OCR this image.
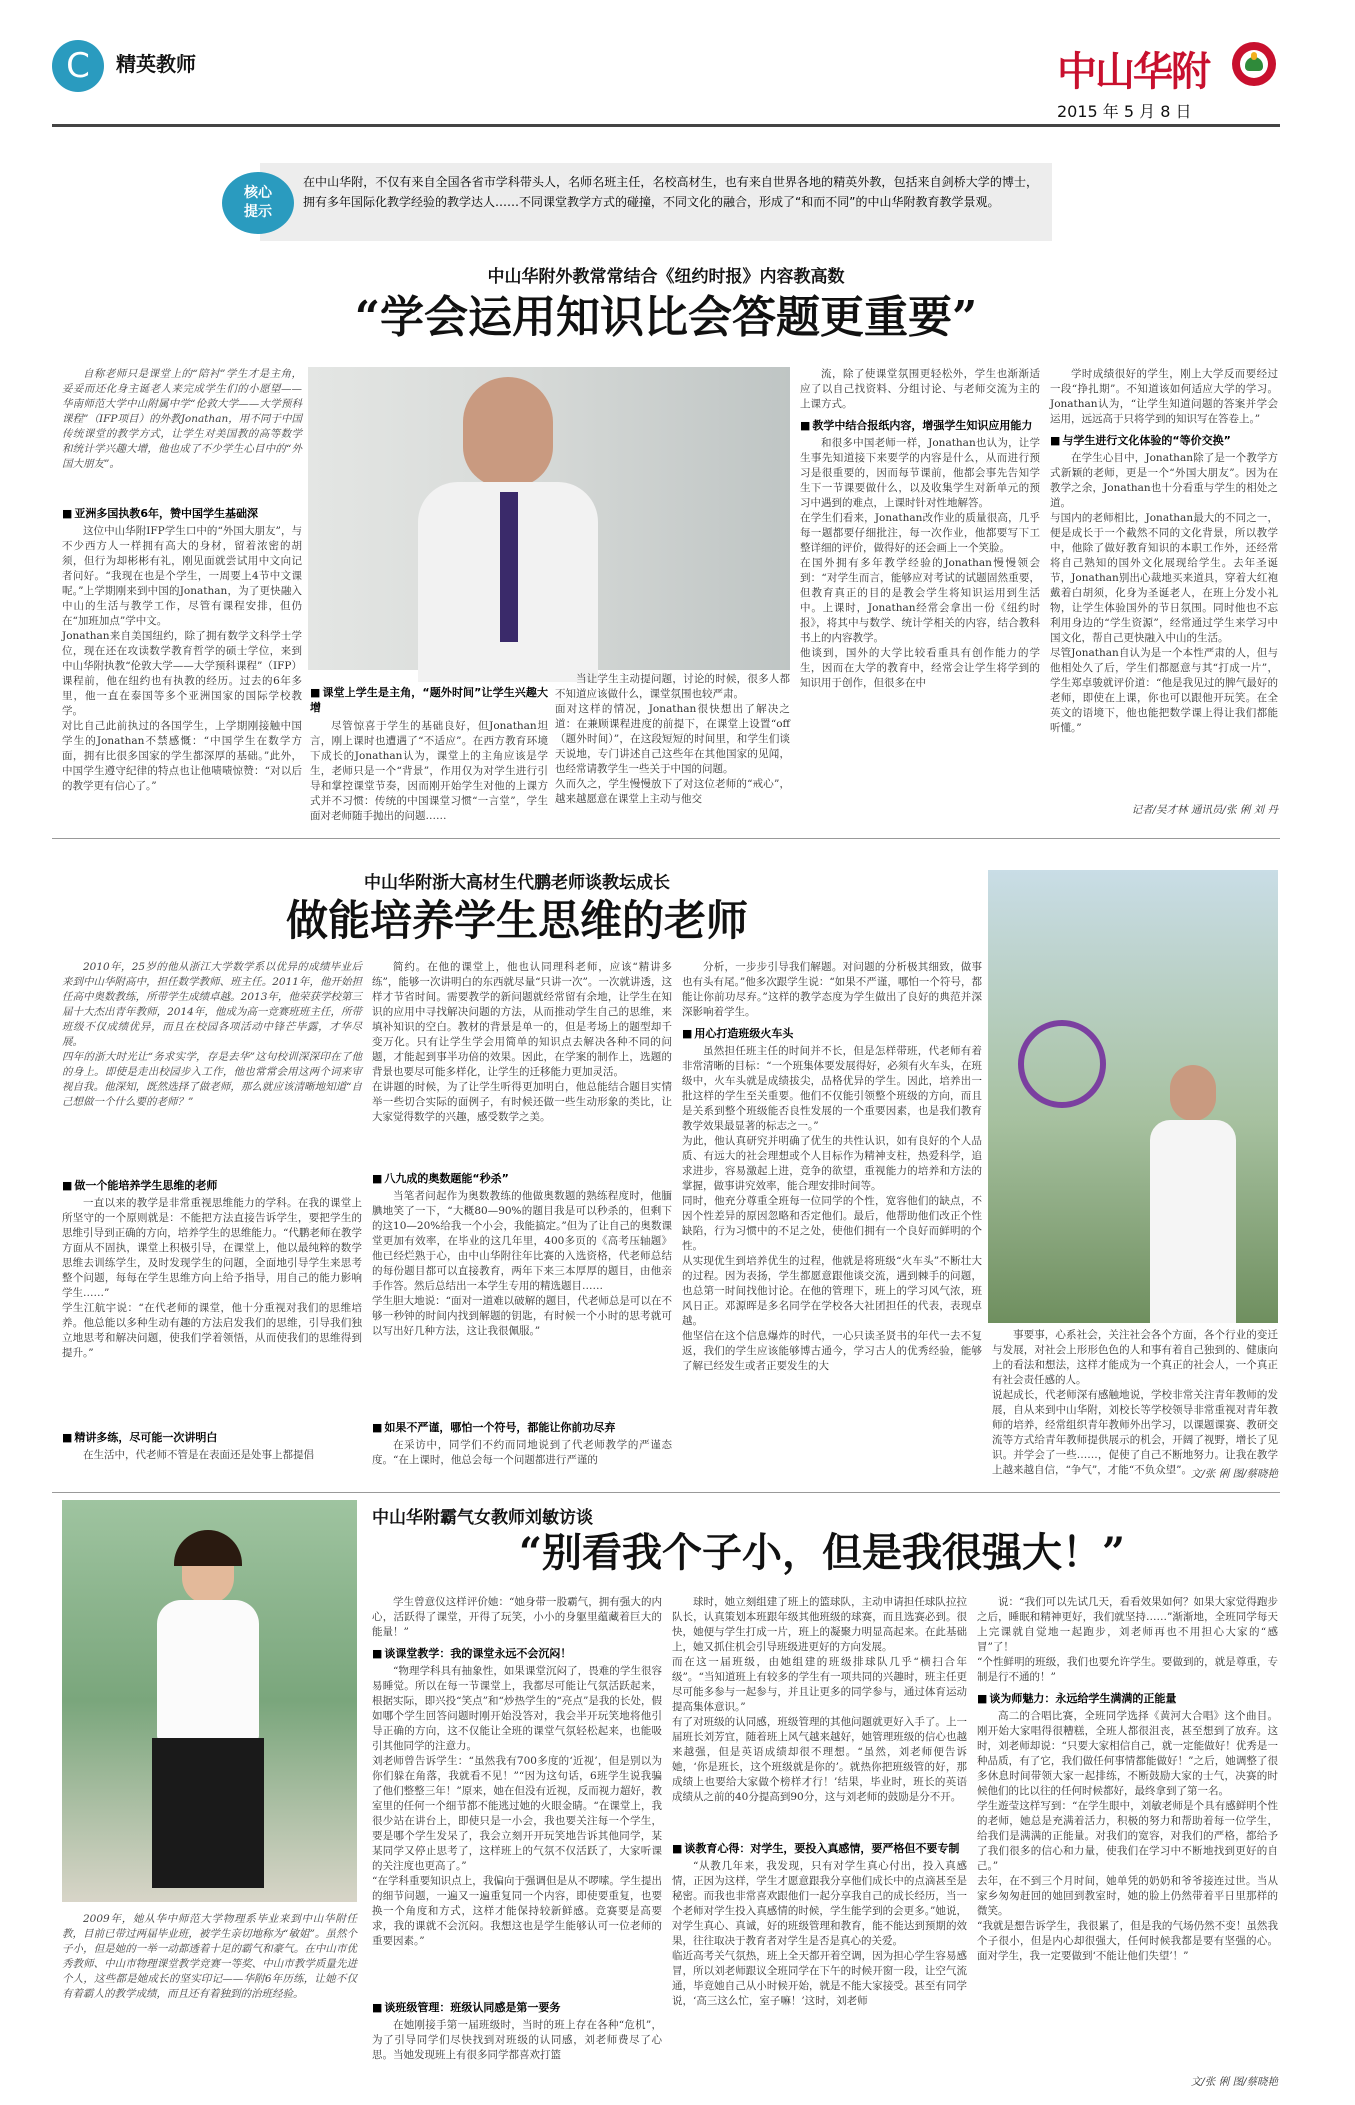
C	精英教师	中山华附
2015 年 5 月 8 日
核心
提示
在中山华附，不仅有来自全国各省市学科带头人，名师名班主任，名校高材生，也有来自世界各地的精英外教，包括来自剑桥大学的博士，拥有多年国际化教学经验的教学达人……不同课堂教学方式的碰撞，不同文化的融合，形成了“和而不同”的中山华附教育教学景观。
中山华附外教常常结合《纽约时报》内容教高数
“学会运用知识比会答题更重要”

自称老师只是课堂上的“陪衬”学生才是主角，妥妥而还化身主诞老人来完成学生们的小愿望——华南师范大学中山附属中学“伦敦大学——大学预科课程”（IFP项目）的外教Jonathan，用不同于中国传统课堂的教学方式，让学生对美国教的高等数学和统计学兴趣大增，他也成了不少学生心目中的“外国大朋友”。

■ 亚洲多国执教6年，赞中国学生基础深

这位中山华附IFP学生口中的“外国大朋友”，与不少西方人一样拥有高大的身材，留着浓密的胡须，但行为却彬彬有礼，刚见面就尝试用中文向记者问好。“我现在也是个学生，一周要上4节中文课呢。”上学期刚来到中国的Jonathan，为了更快融入中山的生活与教学工作，尽管有课程安排，但仍在“加班加点”学中文。
Jonathan来自美国纽约，除了拥有数学文科学士学位，现在还在攻读数学教育哲学的硕士学位，来到中山华附执教“伦敦大学——大学预科课程”（IFP）课程前，他在纽约也有执教的经历。过去的6年多里，他一直在泰国等多个亚洲国家的国际学校教学。
对比自己此前执过的各国学生，上学期刚接触中国学生的Jonathan不禁感慨：“中国学生在数学方面，拥有比很多国家的学生都深厚的基础。”此外，中国学生遵守纪律的特点也让他啧啧惊赞：“对以后的教学更有信心了。”

■ 课堂上学生是主角，“题外时间”让学生兴趣大增

尽管惊喜于学生的基础良好，但Jonathan坦言，刚上课时也遭遇了“不适应”。在西方教育环境下成长的Jonathan认为，课堂上的主角应该是学生，老师只是一个“背景”，作用仅为对学生进行引导和掌控课堂节奏，因而刚开始学生对他的上课方式并不习惯：传统的中国课堂习惯“一言堂”，学生面对老师随手抛出的问题……

当让学生主动提问题，讨论的时候，很多人都不知道应该做什么，课堂氛围也较严肃。
面对这样的情况，Jonathan很快想出了解决之道：在兼顾课程进度的前提下，在课堂上设置“off（题外时间）”，在这段短短的时间里，和学生们谈天说地，专门讲述自己这些年在其他国家的见闻，也经常请教学生一些关于中国的问题。
久而久之，学生慢慢放下了对这位老师的“戒心”，越来越愿意在课堂上主动与他交

流，除了使课堂氛围更轻松外，学生也渐渐适应了以自己找资料、分组讨论、与老师交流为主的上课方式。

■ 教学中结合报纸内容，增强学生知识应用能力

和很多中国老师一样，Jonathan也认为，让学生事先知道接下来要学的内容是什么，从而进行预习是很重要的，因而每节课前，他都会事先告知学生下一节课要做什么，以及收集学生对新单元的预习中遇到的难点，上课时针对性地解答。
在学生们看来，Jonathan改作业的质量很高，几乎每一题都要仔细批注，每一次作业，他都要写下工整详细的评价，做得好的还会画上一个笑脸。
在国外拥有多年教学经验的Jonathan慢慢领会到：“对学生而言，能够应对考试的试题固然重要，但教育真正的目的是教会学生将知识运用到生活中。上课时，Jonathan经常会拿出一份《纽约时报》，将其中与数学、统计学相关的内容，结合教科书上的内容教学。
他谈到，国外的大学比较看重具有创作能力的学生，因而在大学的教育中，经常会让学生将学到的知识用于创作，但很多在中

学时成绩很好的学生，刚上大学反而要经过一段“挣扎期”。不知道该如何适应大学的学习。Jonathan认为，“让学生知道问题的答案并学会运用，远远高于只将学到的知识写在答卷上。”

■ 与学生进行文化体验的“等价交换”

在学生心目中，Jonathan除了是一个教学方式新颖的老师，更是一个“外国大朋友”。因为在教学之余，Jonathan也十分看重与学生的相处之道。
与国内的老师相比，Jonathan最大的不同之一，便是成长于一个截然不同的文化背景，所以教学中，他除了做好教育知识的本职工作外，还经常将自己熟知的国外文化展现给学生。去年圣诞节，Jonathan别出心裁地买来道具，穿着大红袍戴着白胡须，化身为圣诞老人，在班上分发小礼物，让学生体验国外的节日氛围。同时他也不忘利用身边的“学生资源”，经常通过学生来学习中国文化，帮自己更快融入中山的生活。
尽管Jonathan自认为是一个本性严肃的人，但与他相处久了后，学生们都愿意与其“打成一片”，学生郑卓骏就评价道：“他是我见过的脾气最好的老师，即使在上课，你也可以跟他开玩笑。在全英文的语境下，他也能把数学课上得让我们都能听懂。”

记者/吴才林 通讯员/张 俐 刘 丹
中山华附浙大高材生代鹏老师谈教坛成长
做能培养学生思维的老师

2010年，25岁的他从浙江大学数学系以优异的成绩毕业后来到中山华附高中，担任数学教师、班主任。2011年，他开始担任高中奥数教练，所带学生成绩卓越。2013年，他荣获学校第三届十大杰出青年教师，2014年，他成为高一竞赛班班主任，所带班级不仅成绩优异，而且在校园各项活动中锋芒毕露，才华尽展。
四年的浙大时光让“务求实学，存是去华”这句校训深深印在了他的身上。即使是走出校园步入工作，他也常常会用这两个词来审视自我。他深知，既然选择了做老师，那么就应该清晰地知道“自己想做一个什么要的老师？”

■ 做一个能培养学生思维的老师

一直以来的教学是非常重视思维能力的学科。在我的课堂上所坚守的一个原则就是：不能把方法直接告诉学生，要把学生的思维引导到正确的方向，培养学生的思维能力。“代鹏老师在教学方面从不固执，课堂上积极引导，在课堂上，他以最纯粹的数学思维去训练学生，及时发现学生的问题，全面地引导学生来思考整个问题，每每在学生思维方向上给予指导，用自己的能力影响学生……”
学生江航宇说：“在代老师的课堂，他十分重视对我们的思维培养。他总能以多种生动有趣的方法启发我们的思维，引导我们独立地思考和解决问题，使我们学着领悟，从而使我们的思维得到提升。”

■ 精讲多练，尽可能一次讲明白

在生活中，代老师不管是在表面还是处事上都提倡

简约。在他的课堂上，他也认同理科老师，应该“精讲多练”，能够一次讲明白的东西就尽量“只讲一次”。一次就讲透，这样才节省时间。需要教学的新问题就经常留有余地，让学生在知识的应用中寻找解决问题的方法，从而推动学生自己的思维，来填补知识的空白。教材的背景是单一的，但是考场上的题型却千变万化。只有让学生学会用简单的知识点去解决各种不同的问题，才能起到事半功倍的效果。因此，在学案的制作上，选题的背景也要尽可能多样化，让学生的迁移能力更加灵活。
在讲题的时候，为了让学生听得更加明白，他总能结合题目实情举一些切合实际的面例子，有时候还做一些生动形象的类比，让大家觉得数学的兴趣，感受数学之美。

■ 八九成的奥数题能“秒杀”

当笔者问起作为奥数教练的他做奥数题的熟练程度时，他腼腆地笑了一下，“大概80—90%的题目我是可以秒杀的，但剩下的这10—20%给我一个小会，我能搞定。”但为了让自己的奥数课堂更加有效率，在毕业的这几年里，400多页的《高考压轴题》他已经烂熟于心，由中山华附往年比赛的入选资格，代老师总结的每份题目都可以直接教育，两年下来三本厚厚的题目，由他亲手作答。然后总结出一本学生专用的精选题目……
学生胆大地说：“面对一道难以破解的题目，代老师总是可以在不够一秒钟的时间内找到解题的钥匙，有时候一个小时的思考就可以写出好几种方法，这让我很佩服。”

■ 如果不严谨，哪怕一个符号，都能让你前功尽弃

在采访中，同学们不约而同地说到了代老师教学的严谨态度。“在上课时，他总会每一个问题都进行严谨的

分析，一步步引导我们解题。对问题的分析极其细致，做事也有头有尾。”他多次跟学生说：“如果不严谨，哪怕一个符号，都能让你前功尽弃。”这样的教学态度为学生做出了良好的典范并深深影响着学生。

■ 用心打造班级火车头

虽然担任班主任的时间并不长，但是怎样带班，代老师有着非常清晰的目标：“一个班集体要发展得好，必须有火车头，在班级中，火车头就是成绩拔尖，品格优异的学生。因此，培养出一批这样的学生至关重要。他们不仅能引领整个班级的方向，而且是关系到整个班级能否良性发展的一个重要因素，也是我们教育教学效果最显著的标志之一。”
为此，他认真研究并明确了优生的共性认识，如有良好的个人品质、有远大的社会理想或个人目标作为精神支柱，热爱科学，追求进步，容易激起上进，竞争的欲望，重视能力的培养和方法的掌握，做事讲究效率，能合理安排时间等。
同时，他充分尊重全班每一位同学的个性，宽容他们的缺点，不因个性差异的原因忽略和否定他们。最后，他帮助他们改正个性缺陷，行为习惯中的不足之处，使他们拥有一个良好而鲜明的个性。
从实现优生到培养优生的过程，他就是将班级“火车头”不断壮大的过程。因为表扬，学生都愿意跟他谈交流，遇到棘手的问题，也总第一时间找他讨论。在他的管理下，班上的学习风气浓，班风日正。邓源晖是多名同学在学校各大社团担任的代表，表现卓越。
他坚信在这个信息爆炸的时代，一心只读圣贤书的年代一去不复返，我们的学生应该能够博古通今，学习古人的优秀经验，能够了解已经发生或者正要发生的大

事要事，心系社会，关注社会各个方面，各个行业的变迁与发展，对社会上形形色色的人和事有着自己独到的、健康向上的看法和想法，这样才能成为一个真正的社会人，一个真正有社会责任感的人。
说起成长，代老师深有感触地说，学校非常关注青年教师的发展，自从来到中山华附，刘校长等学校领导非常重视对青年教师的培养，经常组织青年教师外出学习，以课题课赛、教研交流等方式给青年教师提供展示的机会，开阔了视野，增长了见识。并学会了一些……，促使了自己不断地努力。让我在教学上越来越自信，“争气”，才能“不负众望”。

文/张 俐 图/蔡晓艳

2009年，她从华中师范大学物理系毕业来到中山华附任教，目前已带过两届毕业班，被学生亲切地称为“敏姐”。虽然个子小，但是她的一举一动都透着十足的霸气和豪气。在中山市优秀教师、中山市物理课堂教学竞赛一等奖、中山市教学质量先进个人，这些都是她成长的坚实印记——华附6年历练，让她不仅有着霸人的教学成绩，而且还有着独到的治班经验。

中山华附霸气女教师刘敏访谈
“别看我个子小，但是我很强大！”

学生曾意仪这样评价她：“她身带一股霸气，拥有强大的内心，活跃得了课堂，开得了玩笑，小小的身躯里蕴藏着巨大的能量！”

■ 谈课堂教学：我的课堂永远不会沉闷！

“物理学科具有抽象性，如果课堂沉闷了，畏难的学生很容易睡觉。所以在每一节课堂上，我都尽可能让气氛活跃起来，根据实际，即兴投“笑点”和“炒热学生的“亮点”是我的长处，假如哪个学生回答问题时刚开始没答对，我会半开玩笑地将他引导正确的方向，这不仅能让全班的课堂气氛轻松起来，也能吸引其他同学的注意力。
刘老师曾告诉学生：“虽然我有700多度的‘近视’，但是别以为你们躲在角落，我就看不见！”“因为这句话，6班学生说我骗了他们整整三年！”原来，她在但没有近视，反而视力超好，教室里的任何一个细节都不能逃过她的火眼金睛。“在课堂上，我很少站在讲台上，即使只是一小会，我也要关注每一个学生，要是哪个学生发呆了，我会立刻开开玩笑地告诉其他同学，某某同学又停止思考了，这样班上的气氛不仅活跃了，大家听课的关注度也更高了。”
“在学科重要知识点上，我偏向于强调但是从不啰嗦。学生提出的细节问题，一遍又一遍重复同一个内容，即使要重复，也要换一个角度和方式，这样才能保持较新鲜感。竞赛要是高要求，我的课就不会沉闷。我想这也是学生能够认可一位老师的重要因素。”

■ 谈班级管理：班级认同感是第一要务

在她刚接手第一届班级时，当时的班上存在各种“危机”，为了引导同学们尽快找到对班级的认同感，刘老师费尽了心思。当她发现班上有很多同学都喜欢打篮

球时，她立刻组建了班上的篮球队，主动申请担任球队拉拉队长，认真策划本班跟年级其他班级的球赛，而且选赛必到。很快，她便与学生打成一片，班上的凝聚力明显高起来。在此基础上，她又抓住机会引导班级进更好的方向发展。
而在这一届班级，由她组建的班级排球队几乎“横扫合年级”。“当知道班上有较多的学生有一项共同的兴趣时，班主任更尽可能多参与一起参与，并且让更多的同学参与，通过体育运动提高集体意识。”
有了对班级的认同感，班级管理的其他问题就更好入手了。上一届班长刘芳宜，随着班上风气越来越好，她管理班级的信心也越来越强，但是英语成绩却很不理想。“虽然，刘老师便告诉她，‘你是班长，这个班级就是你的’。就热你把班级管的好，那成绩上也要给大家做个榜样才行！’结果，毕业时，班长的英语成绩从之前的40分提高到90分，这与刘老师的鼓励是分不开。

■ 谈教育心得：对学生，要投入真感情，要严格但不要专制

“从教几年来，我发现，只有对学生真心付出，投入真感情，正因为这样，学生才愿意跟我分享他们成长中的点滴甚至是秘密。而我也非常喜欢跟他们一起分享我自己的成长经历，当一个老师对学生投入真感情的时候，学生能学到的会更多。”她说，对学生真心、真诚，好的班级管理和教育，能不能达到预期的效果，往往取决于教育者对学生是否是真心的关爱。
临近高考关气氛热，班上全天都开着空调，因为担心学生容易感冒，所以刘老师跟议全班同学在下午的时候开窗一段，让空气流通，毕竟她自己从小时候开始，就是不能大家接受。甚至有同学说，‘高三这么忙，室子嘛！’这时，刘老师

说：“我们可以先试几天，看看效果如何？如果大家觉得跑步之后，睡眠和精神更好，我们就坚持……”渐渐地，全班同学每天上完课就自觉地一起跑步，刘老师再也不用担心大家的“感冒”了！
“个性鲜明的班级，我们也要允许学生。要做到的，就是尊重，专制是行不通的！”

■ 谈为师魅力：永远给学生满满的正能量

高二的合唱比赛，全班同学选择《黄河大合唱》这个曲目。刚开始大家唱得很糟糕，全班人都很沮丧，甚至想到了放弃。这时，刘老师却说：“只要大家相信自己，就一定能做好！优秀是一种品质，有了它，我们做任何事情都能做好！”之后，她调整了很多休息时间带领大家一起排练，不断鼓励大家的士气，决赛的时候他们的比以往的任何时候都好，最终拿到了第一名。
学生遊莹这样写到：“在学生眼中，刘敏老师是个具有感鲜明个性的老师，她总是充满着活力，积极的努力和帮助着每一位学生，给我们是满满的正能量。对我们的宽容，对我们的严格，都给予了我们很多的信心和力量，使我们在学习中不断地找到更好的自己。”
去年，在不到三个月时间，她单凭的奶奶和爷爷接连过世。当从家乡匆匆赶回的她回到教室时，她的脸上仍然带着平日里那样的微笑。
“我就是想告诉学生，我很累了，但是我的气场仍然不变！虽然我个子很小，但是内心却很强大，任何时候我都是要有坚强的心。面对学生，我一定要做到‘不能让他们失望’！”

文/张 俐 图/蔡晓艳
